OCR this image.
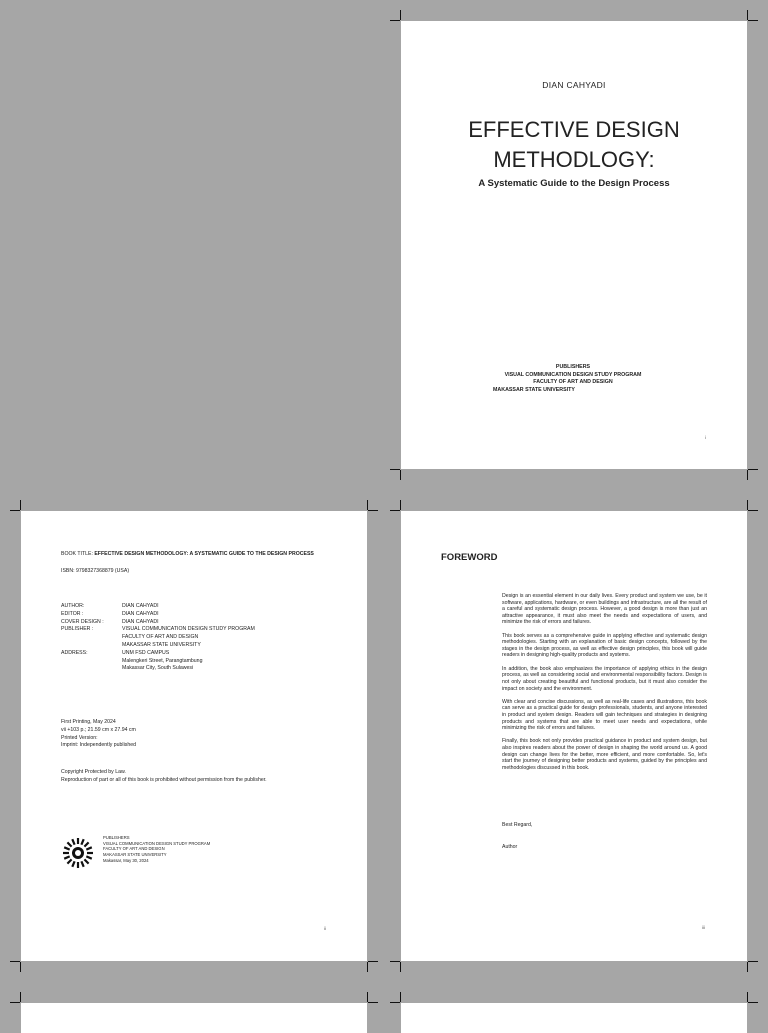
DIAN CAHYADI
EFFECTIVE DESIGN
METHODLOGY:
A Systematic Guide to the Design Process
PUBLISHERS
VISUAL COMMUNICATION DESIGN STUDY PROGRAM
FACULTY OF ART AND DESIGN
MAKASSAR STATE UNIVERSITY
i
BOOK TITLE: EFFECTIVE DESIGN METHODOLOGY: A SYSTEMATIC GUIDE TO THE DESIGN PROCESS
ISBN: 9798327368879 (USA)
AUTHOR:	DIAN CAHYADI
EDITOR :	DIAN CAHYADI
COVER DESIGN :	DIAN CAHYADI
PUBLISHER :	VISUAL COMMUNICATION DESIGN STUDY PROGRAM
FACULTY OF ART AND DESIGN
MAKASSAR STATE UNIVERSITY
ADDRESS:	UNM FSD CAMPUS
Malengkeri Street, Parangtambung
Makassar City, South Sulawesi
First Printing, May 2024
vii +103 p.; 21.59 cm x 27.94 cm
Printed Version:
Imprint: Independently published
Copyright Protected by Law.
Reproduction of part or all of this book is prohibited without permission from the publisher.
PUBLISHERS
VISUAL COMMUNICATION DESIGN STUDY PROGRAM
FACULTY OF ART AND DESIGN
MAKASSAR STATE UNIVERSITY
Makassar, May 30, 2024
ii
FOREWORD

Design is an essential element in our daily lives. Every product and system we use, be it software, applications, hardware, or even buildings and infrastructure, are all the result of a careful and systematic design process. However, a good design is more than just an attractive appearance, it must also meet the needs and expectations of users, and minimize the risk of errors and failures.

This book serves as a comprehensive guide in applying effective and systematic design methodologies. Starting with an explanation of basic design concepts, followed by the stages in the design process, as well as effective design principles, this book will guide readers in designing high-quality products and systems.

In addition, the book also emphasizes the importance of applying ethics in the design process, as well as considering social and environmental responsibility factors. Design is not only about creating beautiful and functional products, but it must also consider the impact on society and the environment.

With clear and concise discussions, as well as real-life cases and illustrations, this book can serve as a practical guide for design professionals, students, and anyone interested in product and system design. Readers will gain techniques and strategies in designing products and systems that are able to meet user needs and expectations, while minimizing the risk of errors and failures.

Finally, this book not only provides practical guidance in product and system design, but also inspires readers about the power of design in shaping the world around us. A good design can change lives for the better, more efficient, and more comfortable. So, let's start the journey of designing better products and systems, guided by the principles and methodologies discussed in this book.

Best Regard,
Author
iii
